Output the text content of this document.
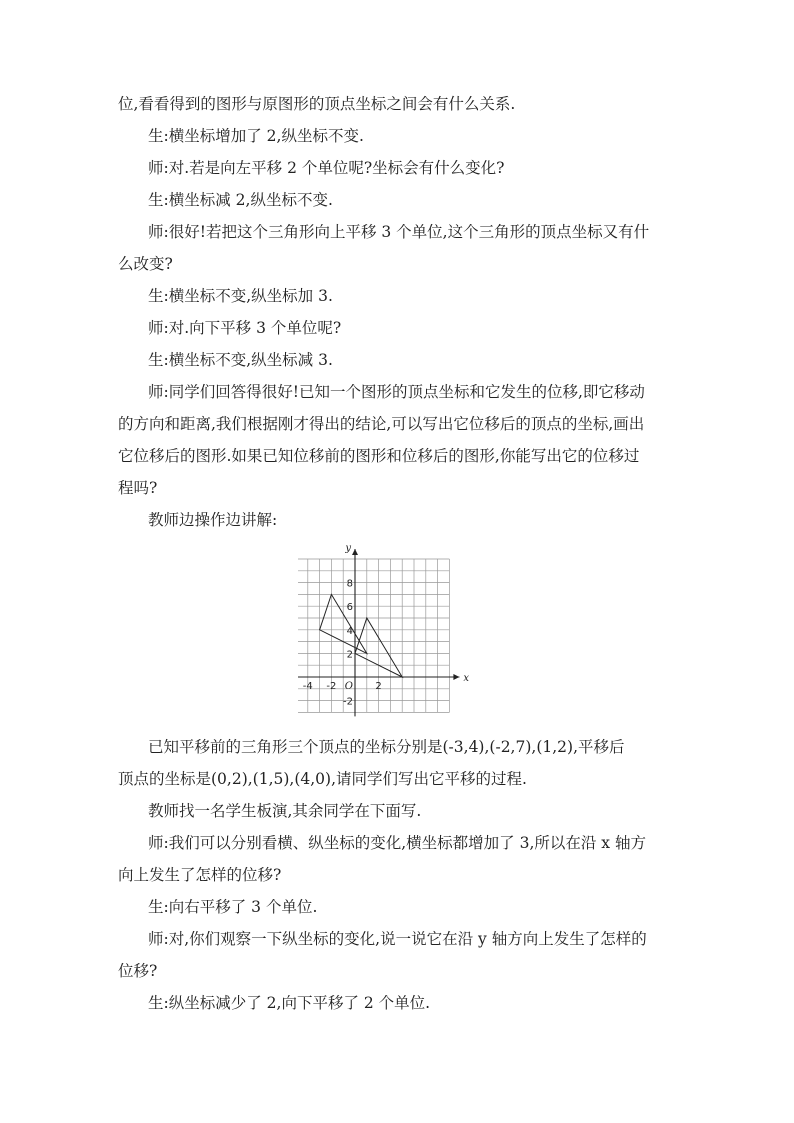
位,看看得到的图形与原图形的顶点坐标之间会有什么关系.

生:横坐标增加了 2,纵坐标不变.

师:对.若是向左平移 2 个单位呢?坐标会有什么变化?

生:横坐标减 2,纵坐标不变.

师:很好!若把这个三角形向上平移 3 个单位,这个三角形的顶点坐标又有什

么改变?

生:横坐标不变,纵坐标加 3.

师:对.向下平移 3 个单位呢?

生:横坐标不变,纵坐标减 3.

师:同学们回答得很好!已知一个图形的顶点坐标和它发生的位移,即它移动

的方向和距离,我们根据刚才得出的结论,可以写出它位移后的顶点的坐标,画出

它位移后的图形.如果已知位移前的图形和位移后的图形,你能写出它的位移过

程吗?

教师边操作边讲解:

x
y
O
-4 -2	2
8
6
4
2
-2

已知平移前的三角形三个顶点的坐标分别是(-3,4),(-2,7),(1,2),平移后

顶点的坐标是(0,2),(1,5),(4,0),请同学们写出它平移的过程.

教师找一名学生板演,其余同学在下面写.

师:我们可以分别看横、纵坐标的变化,横坐标都增加了 3,所以在沿 x 轴方

向上发生了怎样的位移?

生:向右平移了 3 个单位.

师:对,你们观察一下纵坐标的变化,说一说它在沿 y 轴方向上发生了怎样的

位移?

生:纵坐标减少了 2,向下平移了 2 个单位.
